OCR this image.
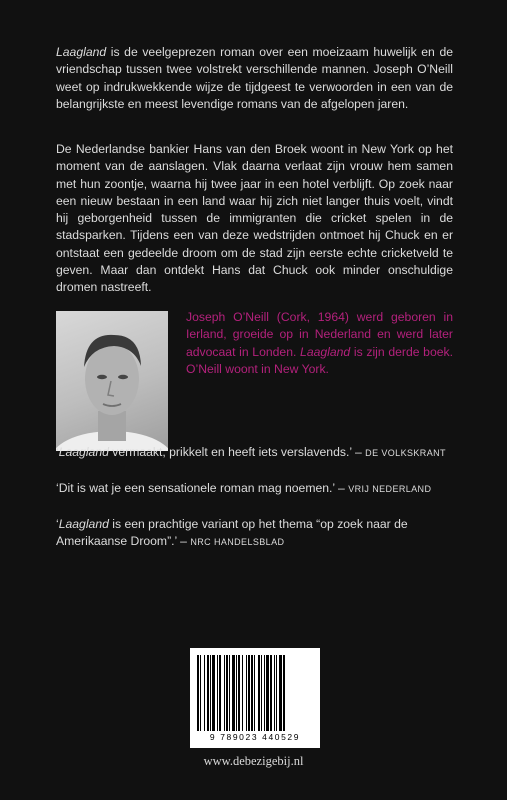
Laagland is de veelgeprezen roman over een moeizaam huwelijk en de vriendschap tussen twee volstrekt verschillende mannen. Joseph O’Neill weet op indrukwekkende wijze de tijdgeest te verwoorden in een van de belangrijkste en meest levendige romans van de afgelopen jaren.

De Nederlandse bankier Hans van den Broek woont in New York op het moment van de aanslagen. Vlak daarna verlaat zijn vrouw hem samen met hun zoontje, waarna hij twee jaar in een hotel verblijft. Op zoek naar een nieuw bestaan in een land waar hij zich niet langer thuis voelt, vindt hij geborgenheid tussen de immigranten die cricket spelen in de stadsparken. Tijdens een van deze wedstrijden ontmoet hij Chuck en er ontstaat een gedeelde droom om de stad zijn eerste echte cricketveld te geven. Maar dan ontdekt Hans dat Chuck ook minder onschuldige dromen nastreeft.

Joseph O’Neill (Cork, 1964) werd geboren in Ierland, groeide op in Nederland en werd later advocaat in Londen. Laagland is zijn derde boek. O’Neill woont in New York.

‘Laagland vermaakt, prikkelt en heeft iets verslavends.’ – DE VOLKSKRANT

‘Dit is wat je een sensationele roman mag noemen.’ – VRIJ NEDERLAND

‘Laagland is een prachtige variant op het thema “op zoek naar de Amerikaanse Droom”.’ – NRC HANDELSBLAD

9 789023 440529
www.debezigebij.nl
